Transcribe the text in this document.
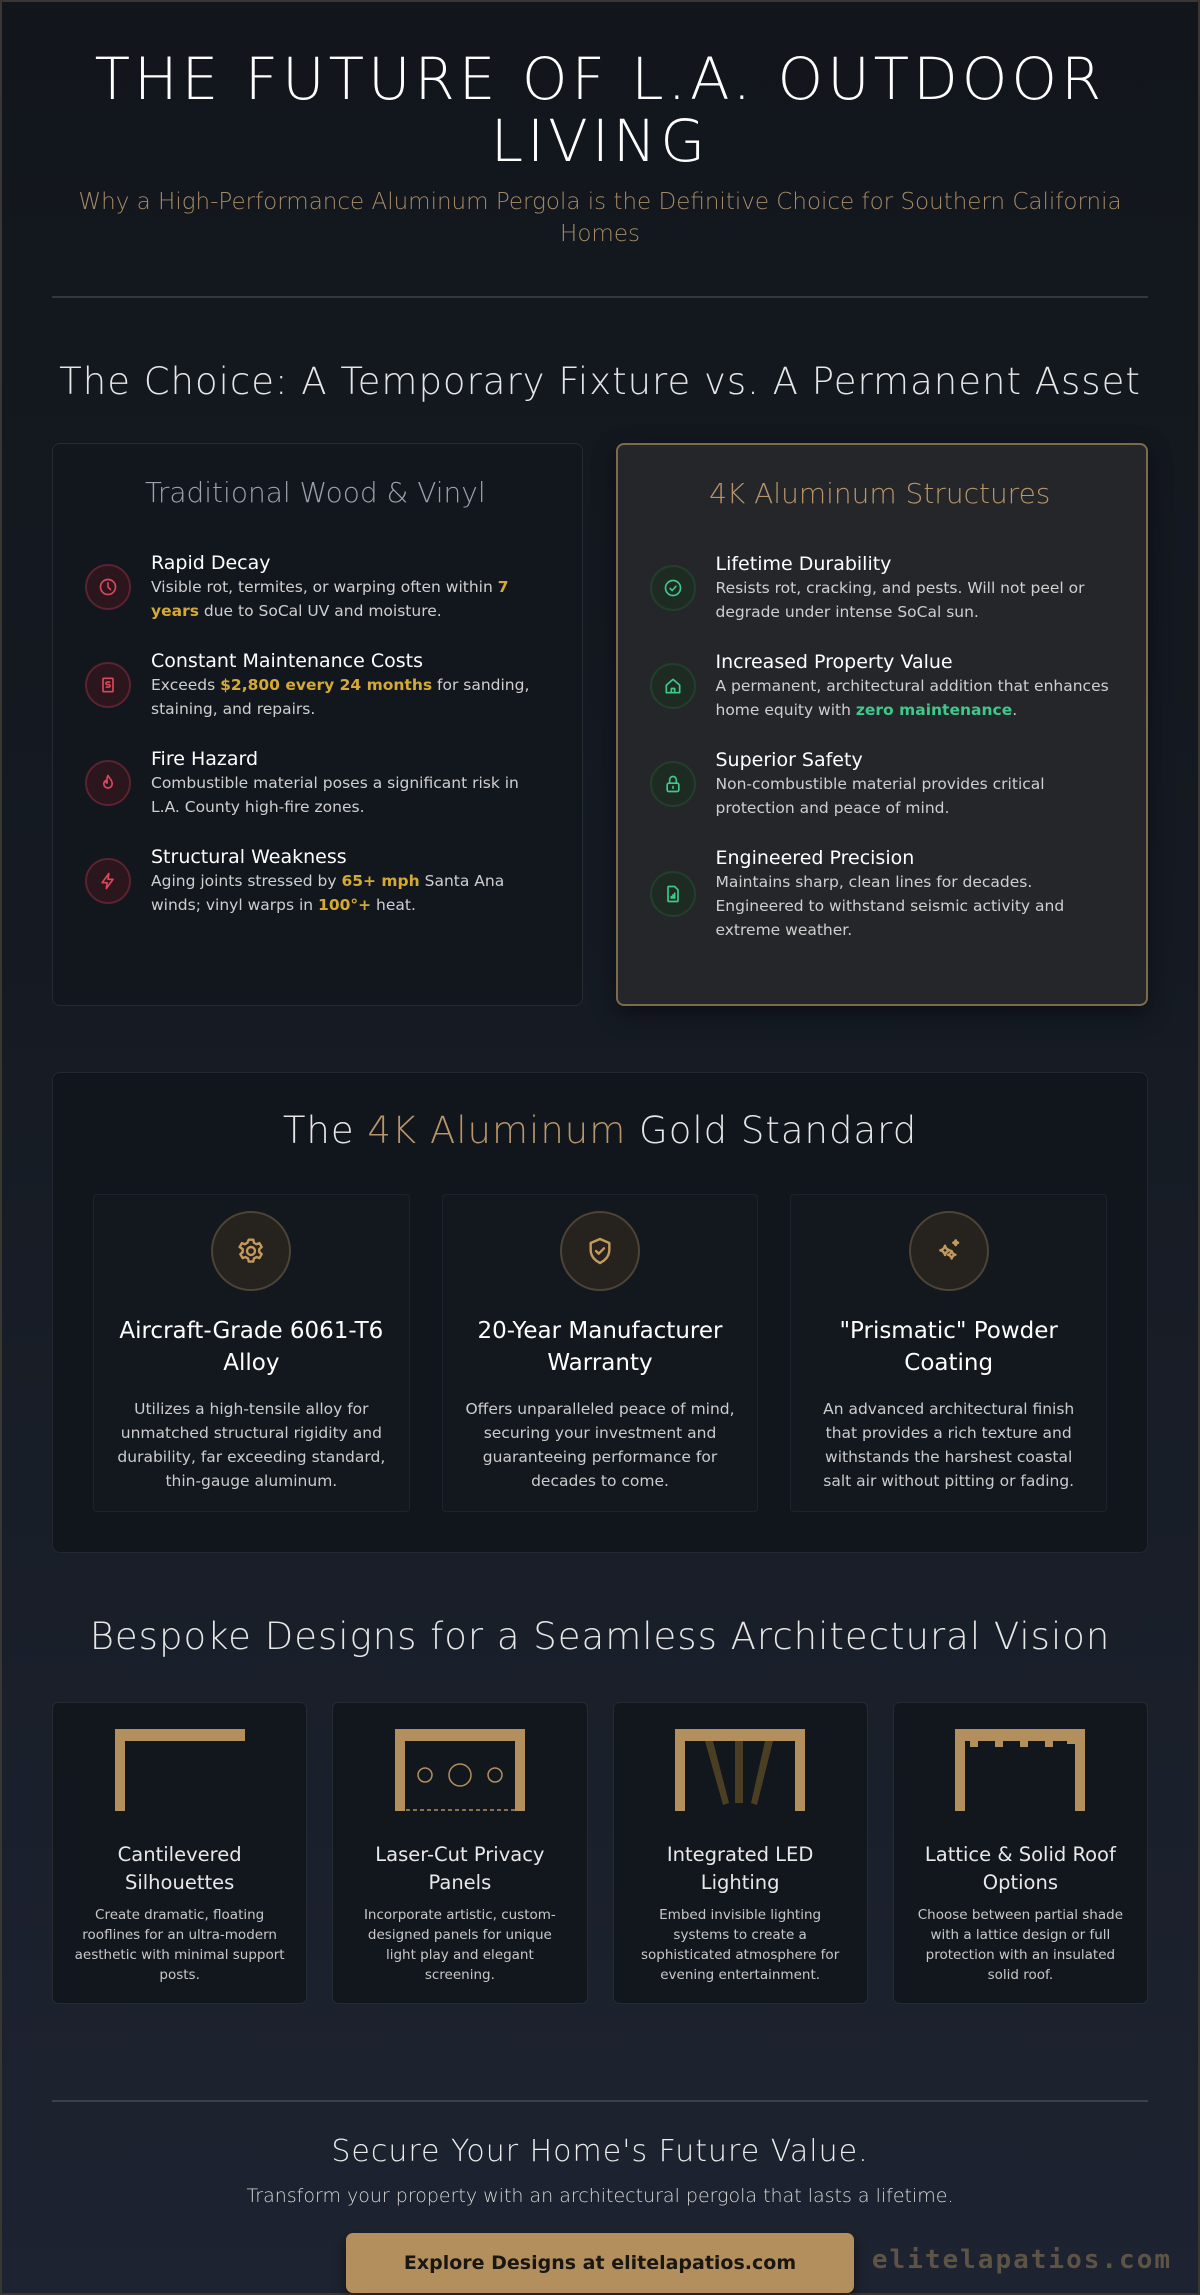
THE FUTURE OF L.A. OUTDOOR LIVING

Why a High-Performance Aluminum Pergola is the Definitive Choice for Southern California Homes

The Choice: A Temporary Fixture vs. A Permanent Asset
Traditional Wood & Vinyl
Rapid Decay
Visible rot, termites, or warping often within 7 years due to SoCal UV and moisture.
Constant Maintenance Costs
Exceeds $2,800 every 24 months for sanding, staining, and repairs.
Fire Hazard
Combustible material poses a significant risk in L.A. County high-fire zones.
Structural Weakness
Aging joints stressed by 65+ mph Santa Ana winds; vinyl warps in 100°+ heat.
4K Aluminum Structures
Lifetime Durability
Resists rot, cracking, and pests. Will not peel or degrade under intense SoCal sun.
Increased Property Value
A permanent, architectural addition that enhances home equity with zero maintenance.
Superior Safety
Non-combustible material provides critical protection and peace of mind.
Engineered Precision
Maintains sharp, clean lines for decades. Engineered to withstand seismic activity and extreme weather.
The 4K Aluminum Gold Standard
Aircraft-Grade 6061-T6 Alloy
Utilizes a high-tensile alloy for unmatched structural rigidity and durability, far exceeding standard, thin-gauge aluminum.
20-Year Manufacturer Warranty
Offers unparalleled peace of mind, securing your investment and guaranteeing performance for decades to come.
"Prismatic" Powder Coating
An advanced architectural finish that provides a rich texture and withstands the harshest coastal salt air without pitting or fading.
Bespoke Designs for a Seamless Architectural Vision
Cantilevered Silhouettes
Create dramatic, floating rooflines for an ultra-modern aesthetic with minimal support posts.
Laser-Cut Privacy Panels
Incorporate artistic, custom-designed panels for unique light play and elegant screening.
Integrated LED Lighting
Embed invisible lighting systems to create a sophisticated atmosphere for evening entertainment.
Lattice & Solid Roof Options
Choose between partial shade with a lattice design or full protection with an insulated solid roof.
Secure Your Home's Future Value.

Transform your property with an architectural pergola that lasts a lifetime.

Explore Designs at elitelapatios.com	elitelapatios.com
